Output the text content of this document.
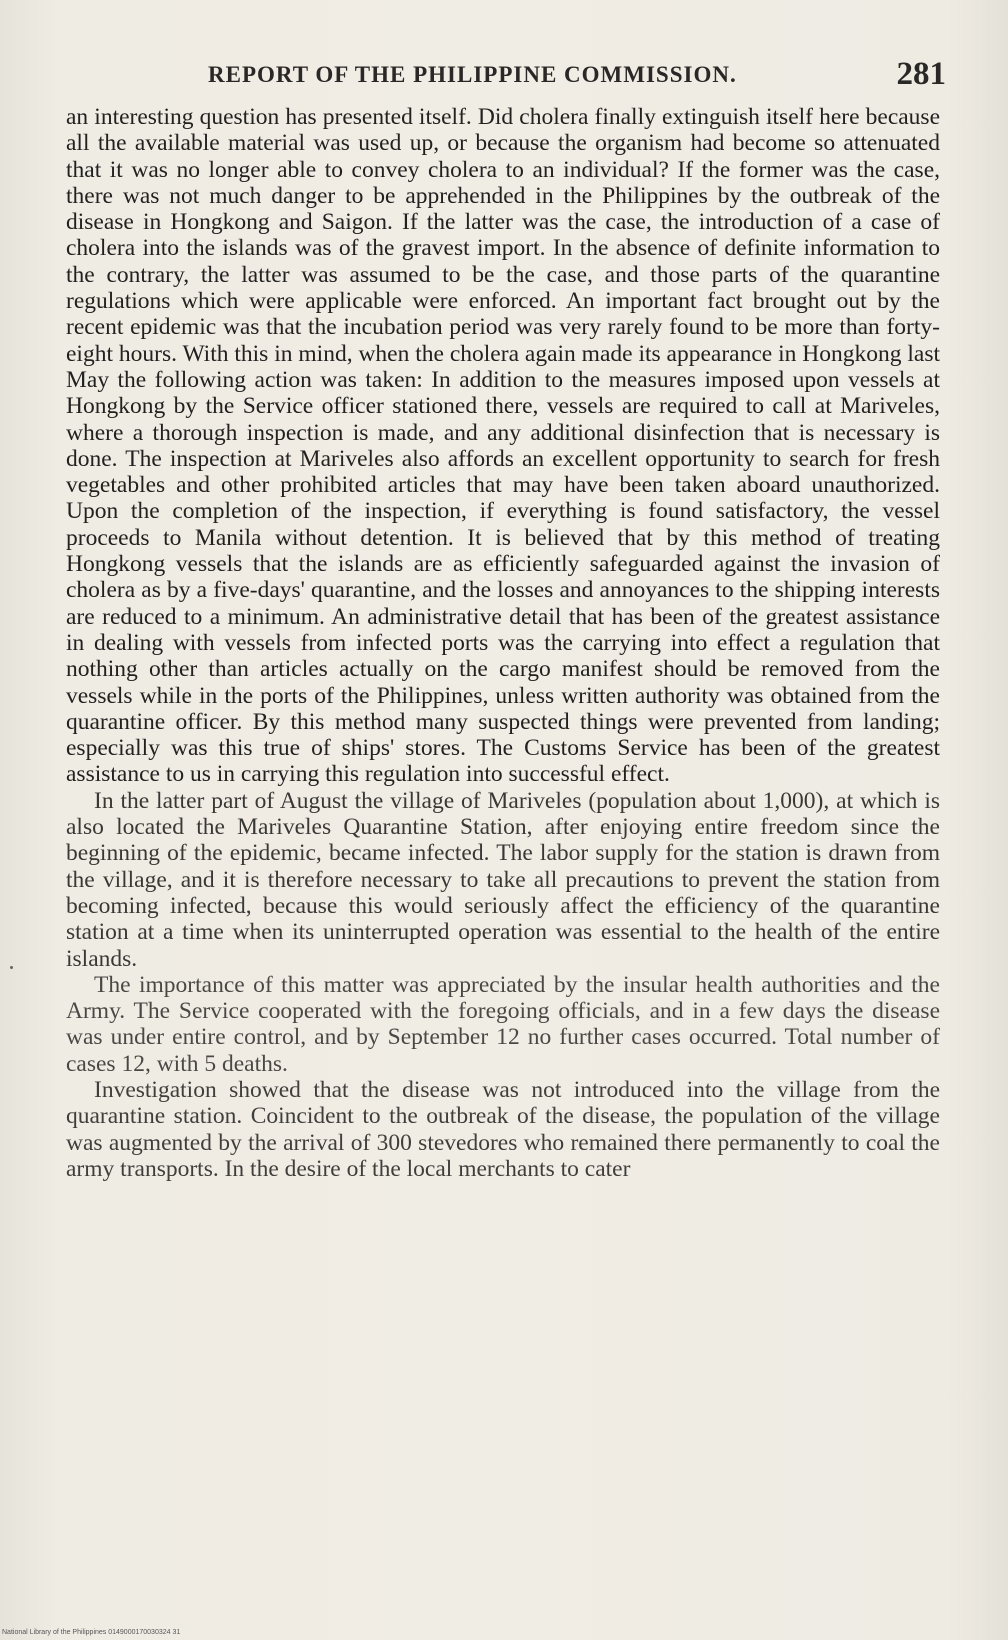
REPORT OF THE PHILIPPINE COMMISSION.	281

an interesting question has presented itself. Did cholera finally extinguish itself here because all the available material was used up, or because the organism had become so attenuated that it was no longer able to convey cholera to an individual? If the former was the case, there was not much danger to be apprehended in the Philippines by the outbreak of the disease in Hongkong and Saigon. If the latter was the case, the introduction of a case of cholera into the islands was of the gravest import. In the absence of definite information to the contrary, the latter was assumed to be the case, and those parts of the quarantine regulations which were applicable were enforced. An important fact brought out by the recent epidemic was that the incubation period was very rarely found to be more than forty-eight hours. With this in mind, when the cholera again made its appearance in Hongkong last May the following action was taken: In addition to the measures imposed upon vessels at Hongkong by the Service officer stationed there, vessels are required to call at Mariveles, where a thorough inspection is made, and any additional disinfection that is necessary is done. The inspection at Mariveles also affords an excellent opportunity to search for fresh vegetables and other prohibited articles that may have been taken aboard unauthorized. Upon the completion of the inspection, if everything is found satisfactory, the vessel proceeds to Manila without detention. It is believed that by this method of treating Hongkong vessels that the islands are as efficiently safeguarded against the invasion of cholera as by a five-days' quarantine, and the losses and annoyances to the shipping interests are reduced to a minimum. An administrative detail that has been of the greatest assistance in dealing with vessels from infected ports was the carrying into effect a regulation that nothing other than articles actually on the cargo manifest should be removed from the vessels while in the ports of the Philippines, unless written authority was obtained from the quarantine officer. By this method many suspected things were prevented from landing; especially was this true of ships' stores. The Customs Service has been of the greatest assistance to us in carrying this regulation into successful effect.

In the latter part of August the village of Mariveles (population about 1,000), at which is also located the Mariveles Quarantine Station, after enjoying entire freedom since the beginning of the epidemic, became infected. The labor supply for the station is drawn from the village, and it is therefore necessary to take all precautions to prevent the station from becoming infected, because this would seriously affect the efficiency of the quarantine station at a time when its uninterrupted operation was essential to the health of the entire islands.

The importance of this matter was appreciated by the insular health authorities and the Army. The Service cooperated with the foregoing officials, and in a few days the disease was under entire control, and by September 12 no further cases occurred. Total number of cases 12, with 5 deaths.

Investigation showed that the disease was not introduced into the village from the quarantine station. Coincident to the outbreak of the disease, the population of the village was augmented by the arrival of 300 stevedores who remained there permanently to coal the army transports. In the desire of the local merchants to cater

National Library of the Philippines 0149000170030324 31
